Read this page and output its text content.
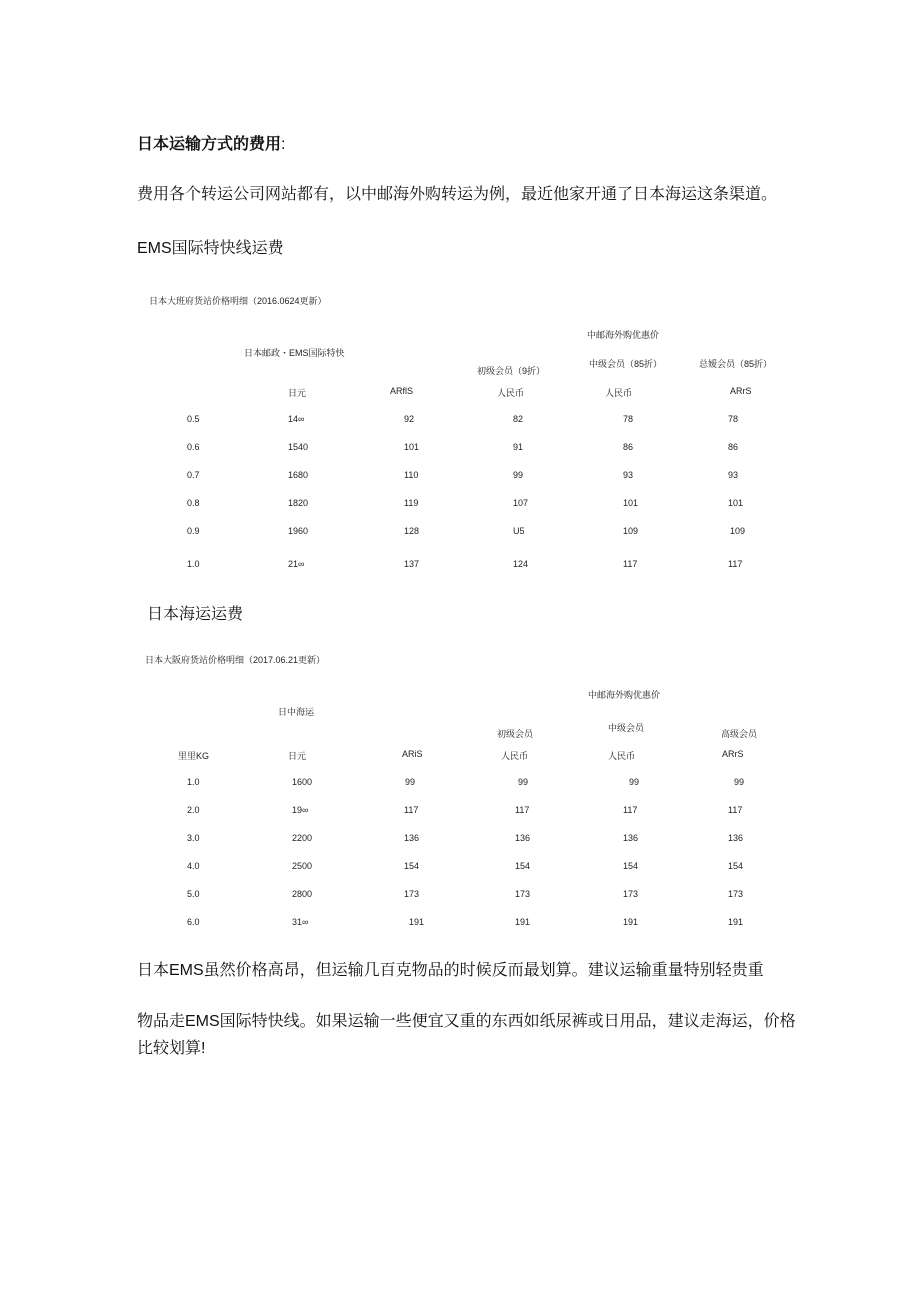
日本运输方式的费用:
费用各个转运公司网站都有，以中邮海外购转运为例，最近他家开通了日本海运这条渠道。
EMS国际特快线运费
日本大班府货站价格明细（2016.0624更新）
中邮海外购优惠价
日本邮政・EMS国际特快
初级会员（9折）
中级会员（85折）	总嫒会员（85折）
日元	ARflS	人民币	人民币	ARrS
0.5	14∞	92	82	78	78
0.6	1540	101	91	86	86
0.7	1680	110	99	93	93
0.8	1820	119	107	101	101
0.9	1960	128	U5	109	109
1.0	21∞	137	124	117	117
日本海运运费
日本大阪府货站价格明细（2017.06.21更新）
中邮海外购优惠价
日中海运
初级会员
中级会员
高级会员
里里KG	日元	ARiS	人民币	人民币	ARrS
1.0	1600	99	99	99	99
2.0	19∞	117	117	117	117
3.0	2200	136	136	136	136
4.0	2500	154	154	154	154
5.0	2800	173	173	173	173
6.0	31∞	191	191	191	191
日本EMS虽然价格高昂，但运输几百克物品的时候反而最划算。建议运输重量特别轻贵重
物品走EMS国际特快线。如果运输一些便宜又重的东西如纸尿裤或日用品，建议走海运，价格
比较划算!
